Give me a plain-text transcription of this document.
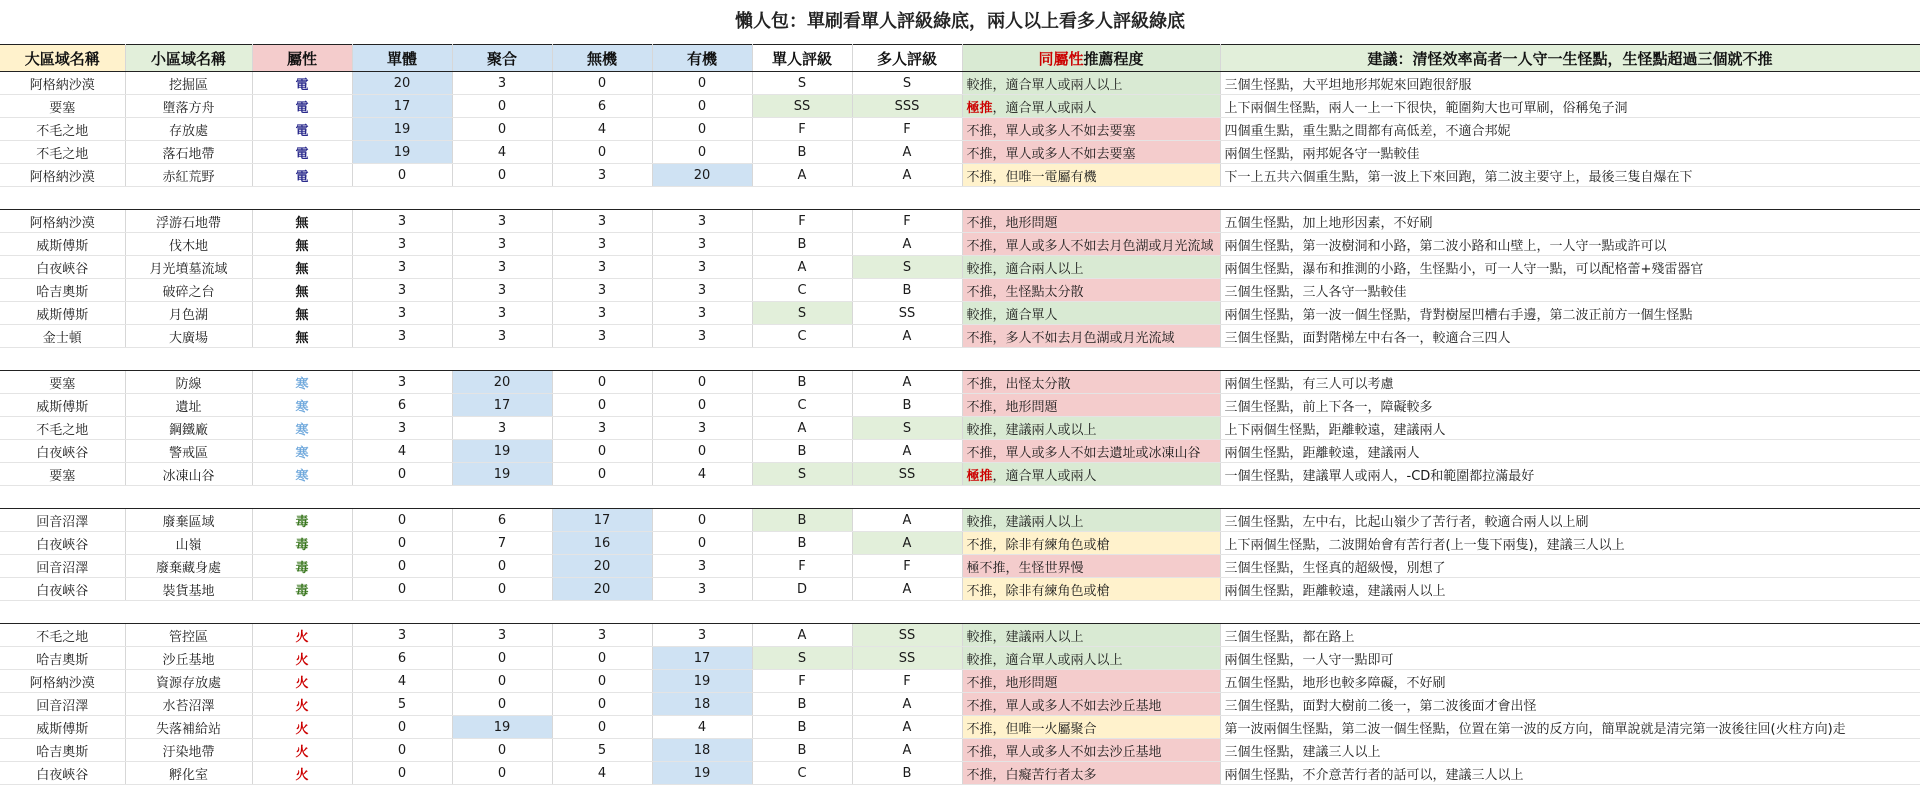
懶人包：單刷看單人評級綠底，兩人以上看多人評級綠底
大區域名稱	小區域名稱	屬性	單體	聚合	無機	有機	單人評級	多人評級	同屬性推薦程度	建議：清怪效率高者一人守一生怪點，生怪點超過三個就不推
阿格納沙漠	挖掘區	電	20	3	0	0	S	S	較推，適合單人或兩人以上	三個生怪點，大平坦地形邦妮來回跑很舒服
要塞	墮落方舟	電	17	0	6	0	SS	SSS	極推，適合單人或兩人	上下兩個生怪點，兩人一上一下很快，範圍夠大也可單刷，俗稱兔子洞
不毛之地	存放處	電	19	0	4	0	F	F	不推，單人或多人不如去要塞	四個重生點，重生點之間都有高低差，不適合邦妮
不毛之地	落石地帶	電	19	4	0	0	B	A	不推，單人或多人不如去要塞	兩個生怪點，兩邦妮各守一點較佳
阿格納沙漠	赤紅荒野	電	0	0	3	20	A	A	不推，但唯一電屬有機	下一上五共六個重生點，第一波上下來回跑，第二波主要守上，最後三隻自爆在下

阿格納沙漠	浮游石地帶	無	3	3	3	3	F	F	不推，地形問題	五個生怪點，加上地形因素，不好刷
威斯傅斯	伐木地	無	3	3	3	3	B	A	不推，單人或多人不如去月色湖或月光流域	兩個生怪點，第一波樹洞和小路，第二波小路和山壁上，一人守一點或許可以
白夜峽谷	月光墳墓流域	無	3	3	3	3	A	S	較推，適合兩人以上	兩個生怪點，瀑布和推測的小路，生怪點小，可一人守一點，可以配格蕾+殘雷器官
哈吉奧斯	破碎之台	無	3	3	3	3	C	B	不推，生怪點太分散	三個生怪點，三人各守一點較佳
威斯傅斯	月色湖	無	3	3	3	3	S	SS	較推，適合單人	兩個生怪點，第一波一個生怪點，背對樹屋凹槽右手邊，第二波正前方一個生怪點
金士頓	大廣場	無	3	3	3	3	C	A	不推，多人不如去月色湖或月光流域	三個生怪點，面對階梯左中右各一，較適合三四人

要塞	防線	寒	3	20	0	0	B	A	不推，出怪太分散	兩個生怪點，有三人可以考慮
威斯傅斯	遺址	寒	6	17	0	0	C	B	不推，地形問題	三個生怪點，前上下各一，障礙較多
不毛之地	鋼鐵廠	寒	3	3	3	3	A	S	較推，建議兩人或以上	上下兩個生怪點，距離較遠，建議兩人
白夜峽谷	警戒區	寒	4	19	0	0	B	A	不推，單人或多人不如去遺址或冰凍山谷	兩個生怪點，距離較遠，建議兩人
要塞	冰凍山谷	寒	0	19	0	4	S	SS	極推，適合單人或兩人	一個生怪點，建議單人或兩人，-CD和範圍都拉滿最好

回音沼澤	廢棄區域	毒	0	6	17	0	B	A	較推，建議兩人以上	三個生怪點，左中右，比起山嶺少了苦行者，較適合兩人以上刷
白夜峽谷	山嶺	毒	0	7	16	0	B	A	不推，除非有練角色或槍	上下兩個生怪點，二波開始會有苦行者(上一隻下兩隻)，建議三人以上
回音沼澤	廢棄藏身處	毒	0	0	20	3	F	F	極不推，生怪世界慢	三個生怪點，生怪真的超級慢，別想了
白夜峽谷	裝貨基地	毒	0	0	20	3	D	A	不推，除非有練角色或槍	兩個生怪點，距離較遠，建議兩人以上

不毛之地	管控區	火	3	3	3	3	A	SS	較推，建議兩人以上	三個生怪點，都在路上
哈吉奧斯	沙丘基地	火	6	0	0	17	S	SS	較推，適合單人或兩人以上	兩個生怪點，一人守一點即可
阿格納沙漠	資源存放處	火	4	0	0	19	F	F	不推，地形問題	五個生怪點，地形也較多障礙，不好刷
回音沼澤	水苔沼澤	火	5	0	0	18	B	A	不推，單人或多人不如去沙丘基地	三個生怪點，面對大樹前二後一，第二波後面才會出怪
威斯傅斯	失落補給站	火	0	19	0	4	B	A	不推，但唯一火屬聚合	第一波兩個生怪點，第二波一個生怪點，位置在第一波的反方向，簡單說就是清完第一波後往回(火柱方向)走
哈吉奧斯	汙染地帶	火	0	0	5	18	B	A	不推，單人或多人不如去沙丘基地	三個生怪點，建議三人以上
白夜峽谷	孵化室	火	0	0	4	19	C	B	不推，白癡苦行者太多	兩個生怪點，不介意苦行者的話可以，建議三人以上
